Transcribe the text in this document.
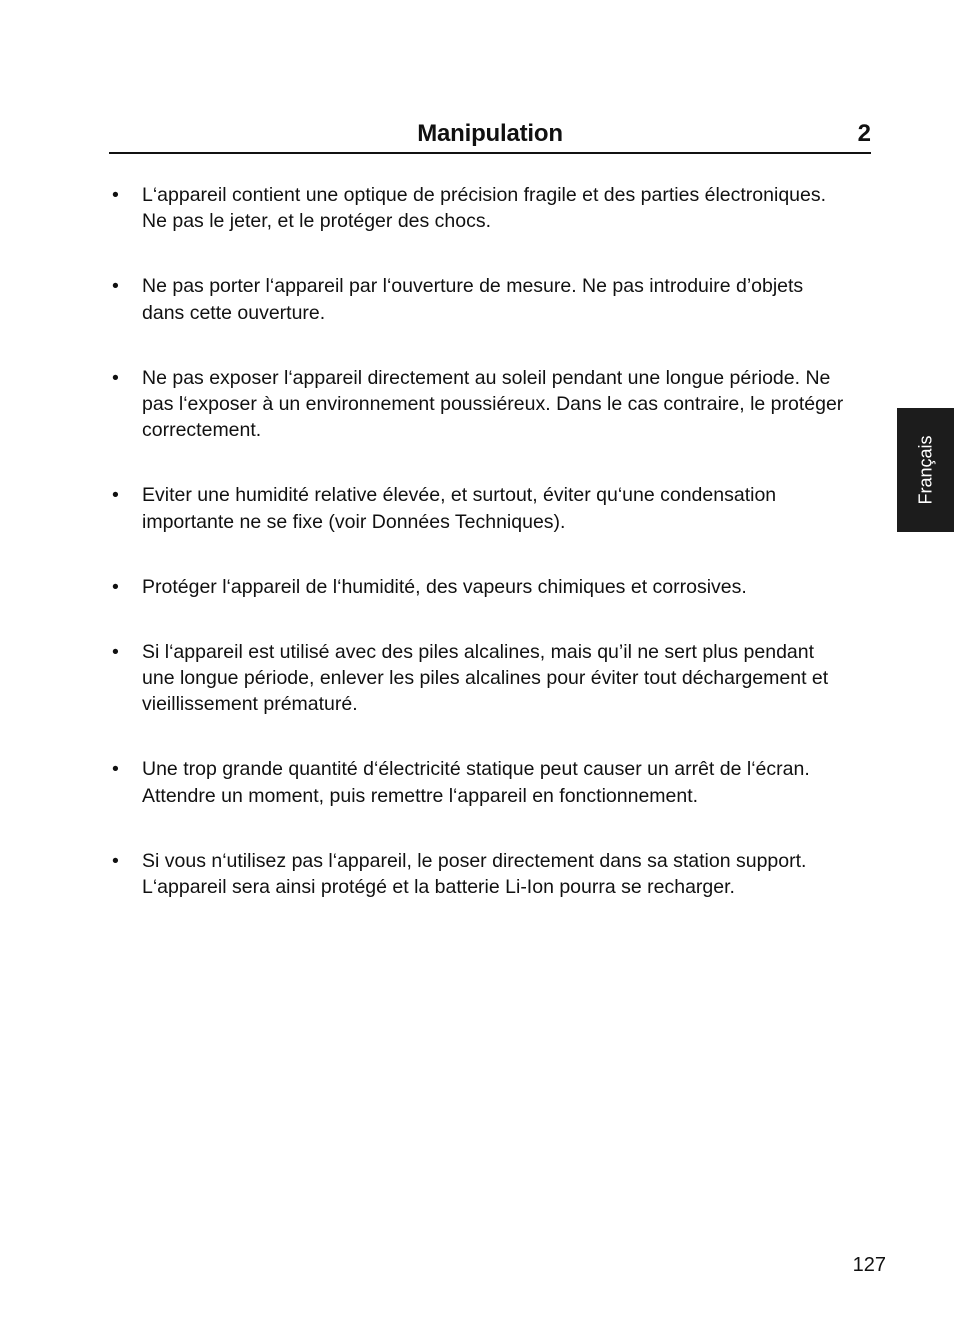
Manipulation	2
• L‘appareil contient une optique de précision fragile et des parties électroniques. Ne pas le jeter, et le protéger des chocs.
• Ne pas porter l‘appareil par l‘ouverture de mesure. Ne pas introduire d’objets dans cette ouverture.
• Ne pas exposer l‘appareil directement au soleil pendant une longue période. Ne pas l‘exposer à un environnement poussiéreux. Dans le cas contraire, le protéger correctement.
• Eviter une humidité relative élevée, et surtout, éviter qu‘une condensation importante ne se fixe (voir Données Techniques).
• Protéger l‘appareil de l‘humidité, des vapeurs chimiques et corrosives.
• Si l‘appareil est utilisé avec des piles alcalines, mais qu’il ne sert plus pendant une longue période, enlever les piles alcalines pour éviter tout déchargement et vieillissement prématuré.
• Une trop grande quantité d‘électricité statique peut causer un arrêt de l‘écran. Attendre un moment, puis remettre l‘appareil en fonctionnement.
• Si vous n‘utilisez pas l‘appareil, le poser directement dans sa station support. L‘appareil sera ainsi protégé et la batterie Li-Ion pourra se recharger.
Français
127
